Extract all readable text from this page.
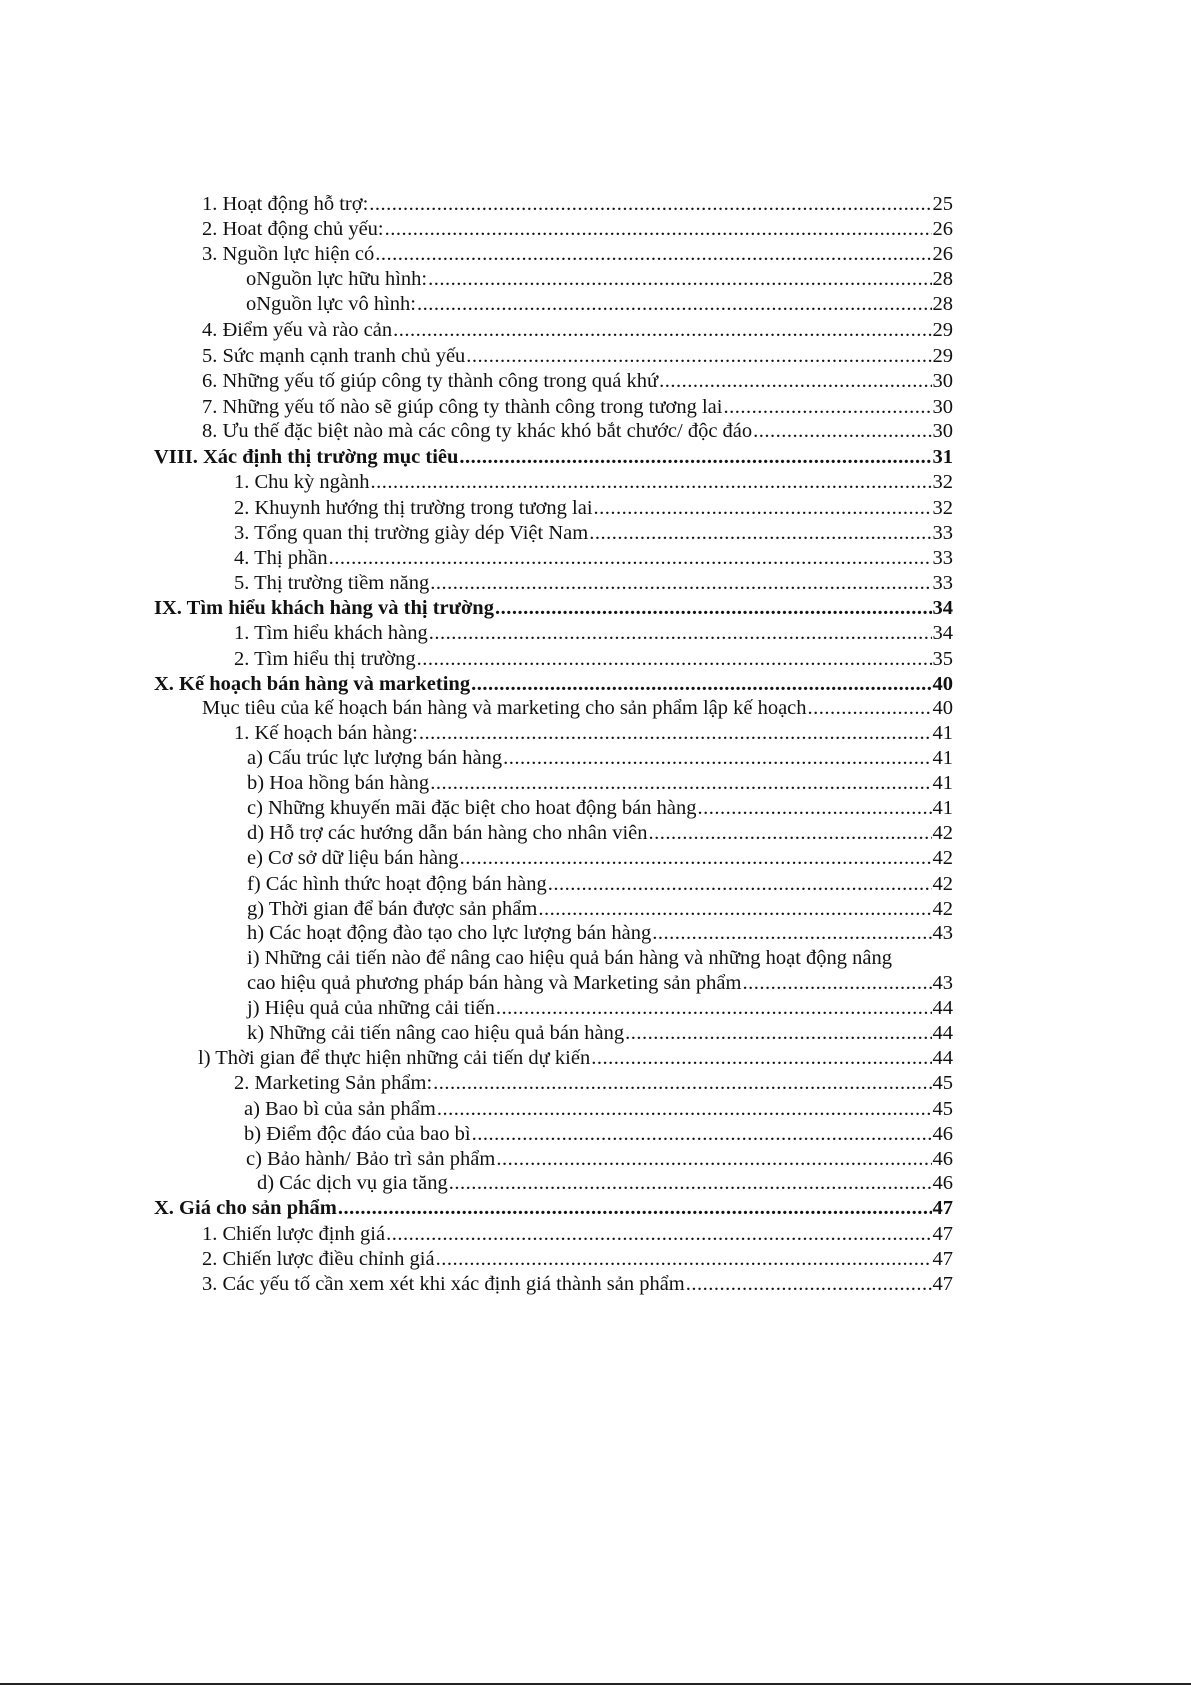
1. Hoạt động hỗ trợ: .....	25
2. Hoat động chủ yếu: .....	26
3. Nguồn lực hiện có .....	26
o Nguồn lực hữu hình: .....	28
o Nguồn lực vô hình: .....	28
4. Điểm yếu và rào cản .....	29
5. Sức mạnh cạnh tranh chủ yếu .....	29
6. Những yếu tố giúp công ty thành công trong quá khứ .....	30
7. Những yếu tố nào sẽ giúp công ty thành công trong tương lai .....	30
8. Ưu thế đặc biệt nào mà các công ty khác khó bắt chước/ độc đáo .....	30
VIII. Xác định thị trường mục tiêu .....	31
1. Chu kỳ ngành .....	32
2. Khuynh hướng thị trường trong tương lai .....	32
3. Tổng quan thị trường giày dép Việt Nam .....	33
4. Thị phần .....	33
5. Thị trường tiềm năng .....	33
IX. Tìm hiểu khách hàng và thị trường .....	34
1. Tìm hiểu khách hàng .....	34
2. Tìm hiểu thị trường .....	35
X. Kế hoạch bán hàng và marketing .....	40
Mục tiêu của kế hoạch bán hàng và marketing cho sản phẩm lập kế hoạch .....	40
1. Kế hoạch bán hàng: .....	41
a) Cấu trúc lực lượng bán hàng .....	41
b) Hoa hồng bán hàng .....	41
c) Những khuyến mãi đặc biệt cho hoat động bán hàng .....	41
d) Hỗ trợ các hướng dẫn bán hàng cho nhân viên .....	42
e) Cơ sở dữ liệu bán hàng .....	42
f) Các hình thức hoạt động bán hàng .....	42
g) Thời gian để bán được sản phẩm .....	42
h) Các hoạt động đào tạo cho lực lượng bán hàng .....	43
i) Những cải tiến nào để nâng cao hiệu quả bán hàng và những hoạt động nâng
cao hiệu quả phương pháp bán hàng và Marketing sản phẩm .....	43
j) Hiệu quả của những cải tiến .....	44
k) Những cải tiến nâng cao hiệu quả bán hàng .....	44
l) Thời gian để thực hiện những cải tiến dự kiến .....	44
2. Marketing Sản phẩm: .....	45
a) Bao bì của sản phẩm .....	45
b) Điểm độc đáo của bao bì .....	46
c) Bảo hành/ Bảo trì sản phẩm .....	46
d) Các dịch vụ gia tăng .....	46
X. Giá cho sản phẩm .....	47
1. Chiến lược định giá .....	47
2. Chiến lược điều chỉnh giá .....	47
3. Các yếu tố cần xem xét khi xác định giá thành sản phẩm .....	47
